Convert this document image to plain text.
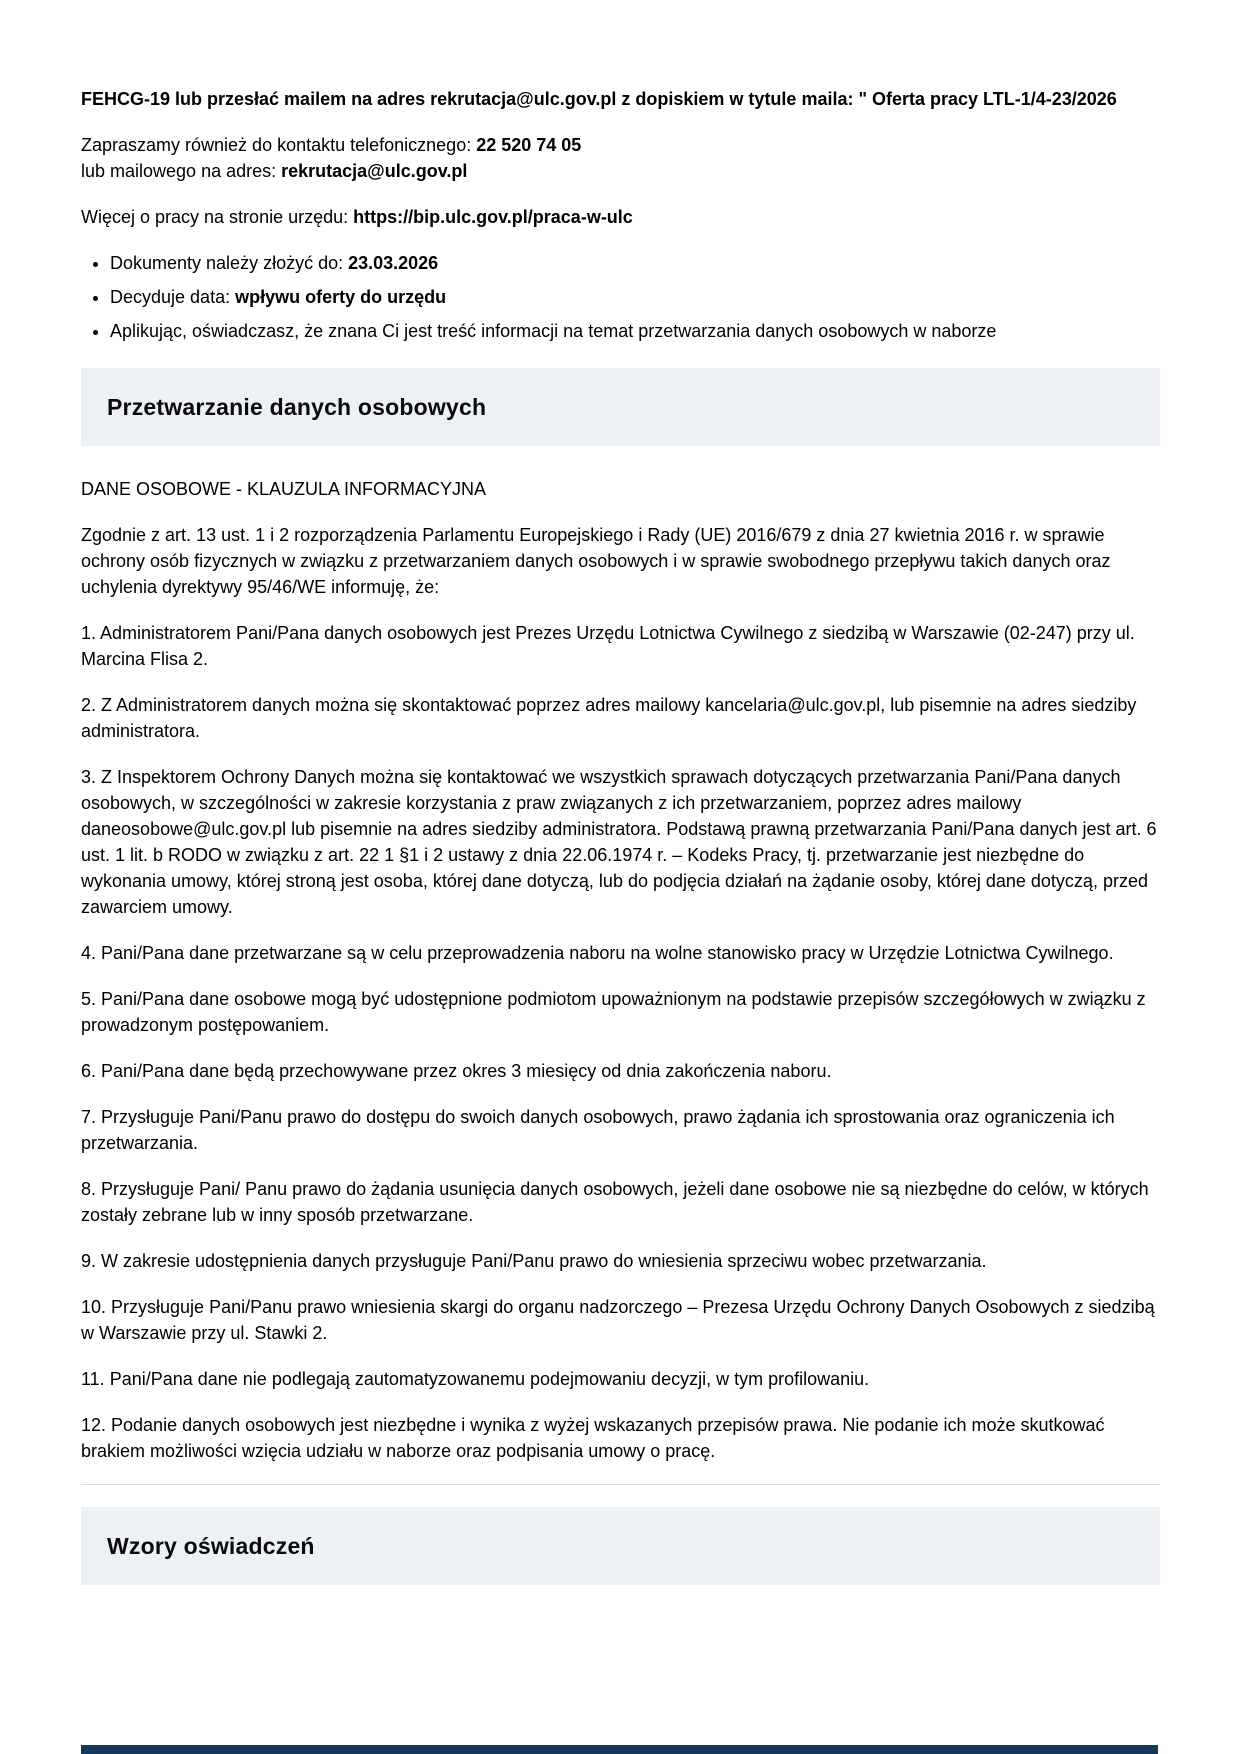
FEHCG-19 lub przesłać mailem na adres rekrutacja@ulc.gov.pl z dopiskiem w tytule maila: " Oferta pracy LTL-1/4-23/2026

Zapraszamy również do kontaktu telefonicznego: 22 520 74 05
lub mailowego na adres: rekrutacja@ulc.gov.pl

Więcej o pracy na stronie urzędu: https://bip.ulc.gov.pl/praca-w-ulc

• Dokumenty należy złożyć do: 23.03.2026
• Decyduje data: wpływu oferty do urzędu
• Aplikując, oświadczasz, że znana Ci jest treść informacji na temat przetwarzania danych osobowych w naborze
Przetwarzanie danych osobowych

DANE OSOBOWE - KLAUZULA INFORMACYJNA

Zgodnie z art. 13 ust. 1 i 2 rozporządzenia Parlamentu Europejskiego i Rady (UE) 2016/679 z dnia 27 kwietnia 2016 r. w sprawie ochrony osób fizycznych w związku z przetwarzaniem danych osobowych i w sprawie swobodnego przepływu takich danych oraz uchylenia dyrektywy 95/46/WE informuję, że:

1. Administratorem Pani/Pana danych osobowych jest Prezes Urzędu Lotnictwa Cywilnego z siedzibą w Warszawie (02-247) przy ul. Marcina Flisa 2.

2. Z Administratorem danych można się skontaktować poprzez adres mailowy kancelaria@ulc.gov.pl, lub pisemnie na adres siedziby administratora.

3. Z Inspektorem Ochrony Danych można się kontaktować we wszystkich sprawach dotyczących przetwarzania Pani/Pana danych osobowych, w szczególności w zakresie korzystania z praw związanych z ich przetwarzaniem, poprzez adres mailowy daneosobowe@ulc.gov.pl lub pisemnie na adres siedziby administratora. Podstawą prawną przetwarzania Pani/Pana danych jest art. 6 ust. 1 lit. b RODO w związku z art. 22 1 §1 i 2 ustawy z dnia 22.06.1974 r. – Kodeks Pracy, tj. przetwarzanie jest niezbędne do wykonania umowy, której stroną jest osoba, której dane dotyczą, lub do podjęcia działań na żądanie osoby, której dane dotyczą, przed zawarciem umowy.

4. Pani/Pana dane przetwarzane są w celu przeprowadzenia naboru na wolne stanowisko pracy w Urzędzie Lotnictwa Cywilnego.

5. Pani/Pana dane osobowe mogą być udostępnione podmiotom upoważnionym na podstawie przepisów szczegółowych w związku z prowadzonym postępowaniem.

6. Pani/Pana dane będą przechowywane przez okres 3 miesięcy od dnia zakończenia naboru.

7. Przysługuje Pani/Panu prawo do dostępu do swoich danych osobowych, prawo żądania ich sprostowania oraz ograniczenia ich przetwarzania.

8. Przysługuje Pani/ Panu prawo do żądania usunięcia danych osobowych, jeżeli dane osobowe nie są niezbędne do celów, w których zostały zebrane lub w inny sposób przetwarzane.

9. W zakresie udostępnienia danych przysługuje Pani/Panu prawo do wniesienia sprzeciwu wobec przetwarzania.

10. Przysługuje Pani/Panu prawo wniesienia skargi do organu nadzorczego – Prezesa Urzędu Ochrony Danych Osobowych z siedzibą w Warszawie przy ul. Stawki 2.

11. Pani/Pana dane nie podlegają zautomatyzowanemu podejmowaniu decyzji, w tym profilowaniu.

12. Podanie danych osobowych jest niezbędne i wynika z wyżej wskazanych przepisów prawa. Nie podanie ich może skutkować brakiem możliwości wzięcia udziału w naborze oraz podpisania umowy o pracę.

Wzory oświadczeń
